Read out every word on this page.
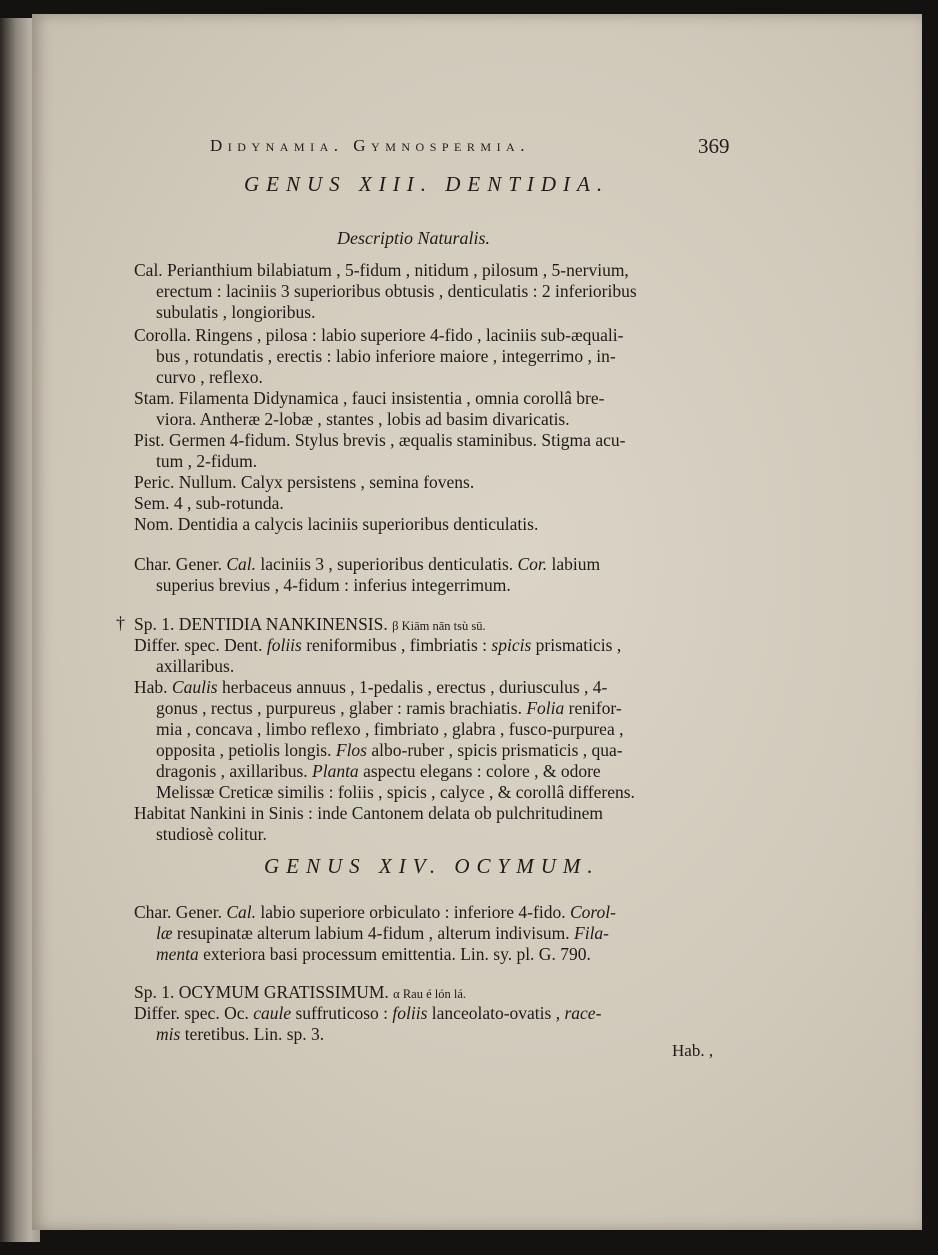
Didynamia. Gymnospermia.	369
GENUS XIII. DENTIDIA.
Descriptio Naturalis.
Cal. Perianthium bilabiatum , 5-fidum , nitidum , pilosum , 5-nervium,
erectum : laciniis 3 superioribus obtusis , denticulatis : 2 inferioribus
subulatis , longioribus.
Corolla. Ringens , pilosa : labio superiore 4-fido , laciniis sub-æquali-
bus , rotundatis , erectis : labio inferiore maiore , integerrimo , in-
curvo , reflexo.
Stam. Filamenta Didynamica , fauci insistentia , omnia corollâ bre-
viora. Antheræ 2-lobæ , stantes , lobis ad basim divaricatis.
Pist. Germen 4-fidum. Stylus brevis , æqualis staminibus. Stigma acu-
tum , 2-fidum.
Peric. Nullum. Calyx persistens , semina fovens.
Sem. 4 , sub-rotunda.
Nom. Dentidia a calycis laciniis superioribus denticulatis.
Char. Gener. Cal. laciniis 3 , superioribus denticulatis. Cor. labium
superius brevius , 4-fidum : inferius integerrimum.
† Sp. 1. DENTIDIA NANKINENSIS. β Kiām nān tsù sū.
Differ. spec. Dent. foliis reniformibus , fimbriatis : spicis prismaticis ,
axillaribus.
Hab. Caulis herbaceus annuus , 1-pedalis , erectus , duriusculus , 4-
gonus , rectus , purpureus , glaber : ramis brachiatis. Folia renifor-
mia , concava , limbo reflexo , fimbriato , glabra , fusco-purpurea ,
opposita , petiolis longis. Flos albo-ruber , spicis prismaticis , qua-
dragonis , axillaribus. Planta aspectu elegans : colore , & odore
Melissæ Creticæ similis : foliis , spicis , calyce , & corollâ differens.
Habitat Nankini in Sinis : inde Cantonem delata ob pulchritudinem
studiosè colitur.
GENUS XIV. OCYMUM.
Char. Gener. Cal. labio superiore orbiculato : inferiore 4-fido. Corol-
læ resupinatæ alterum labium 4-fidum , alterum indivisum. Fila-
menta exteriora basi processum emittentia. Lin. sy. pl. G. 790.
Sp. 1. OCYMUM GRATISSIMUM. α Rau é lón lá.
Differ. spec. Oc. caule suffruticoso : foliis lanceolato-ovatis , race-
mis teretibus. Lin. sp. 3.
Hab. ,
